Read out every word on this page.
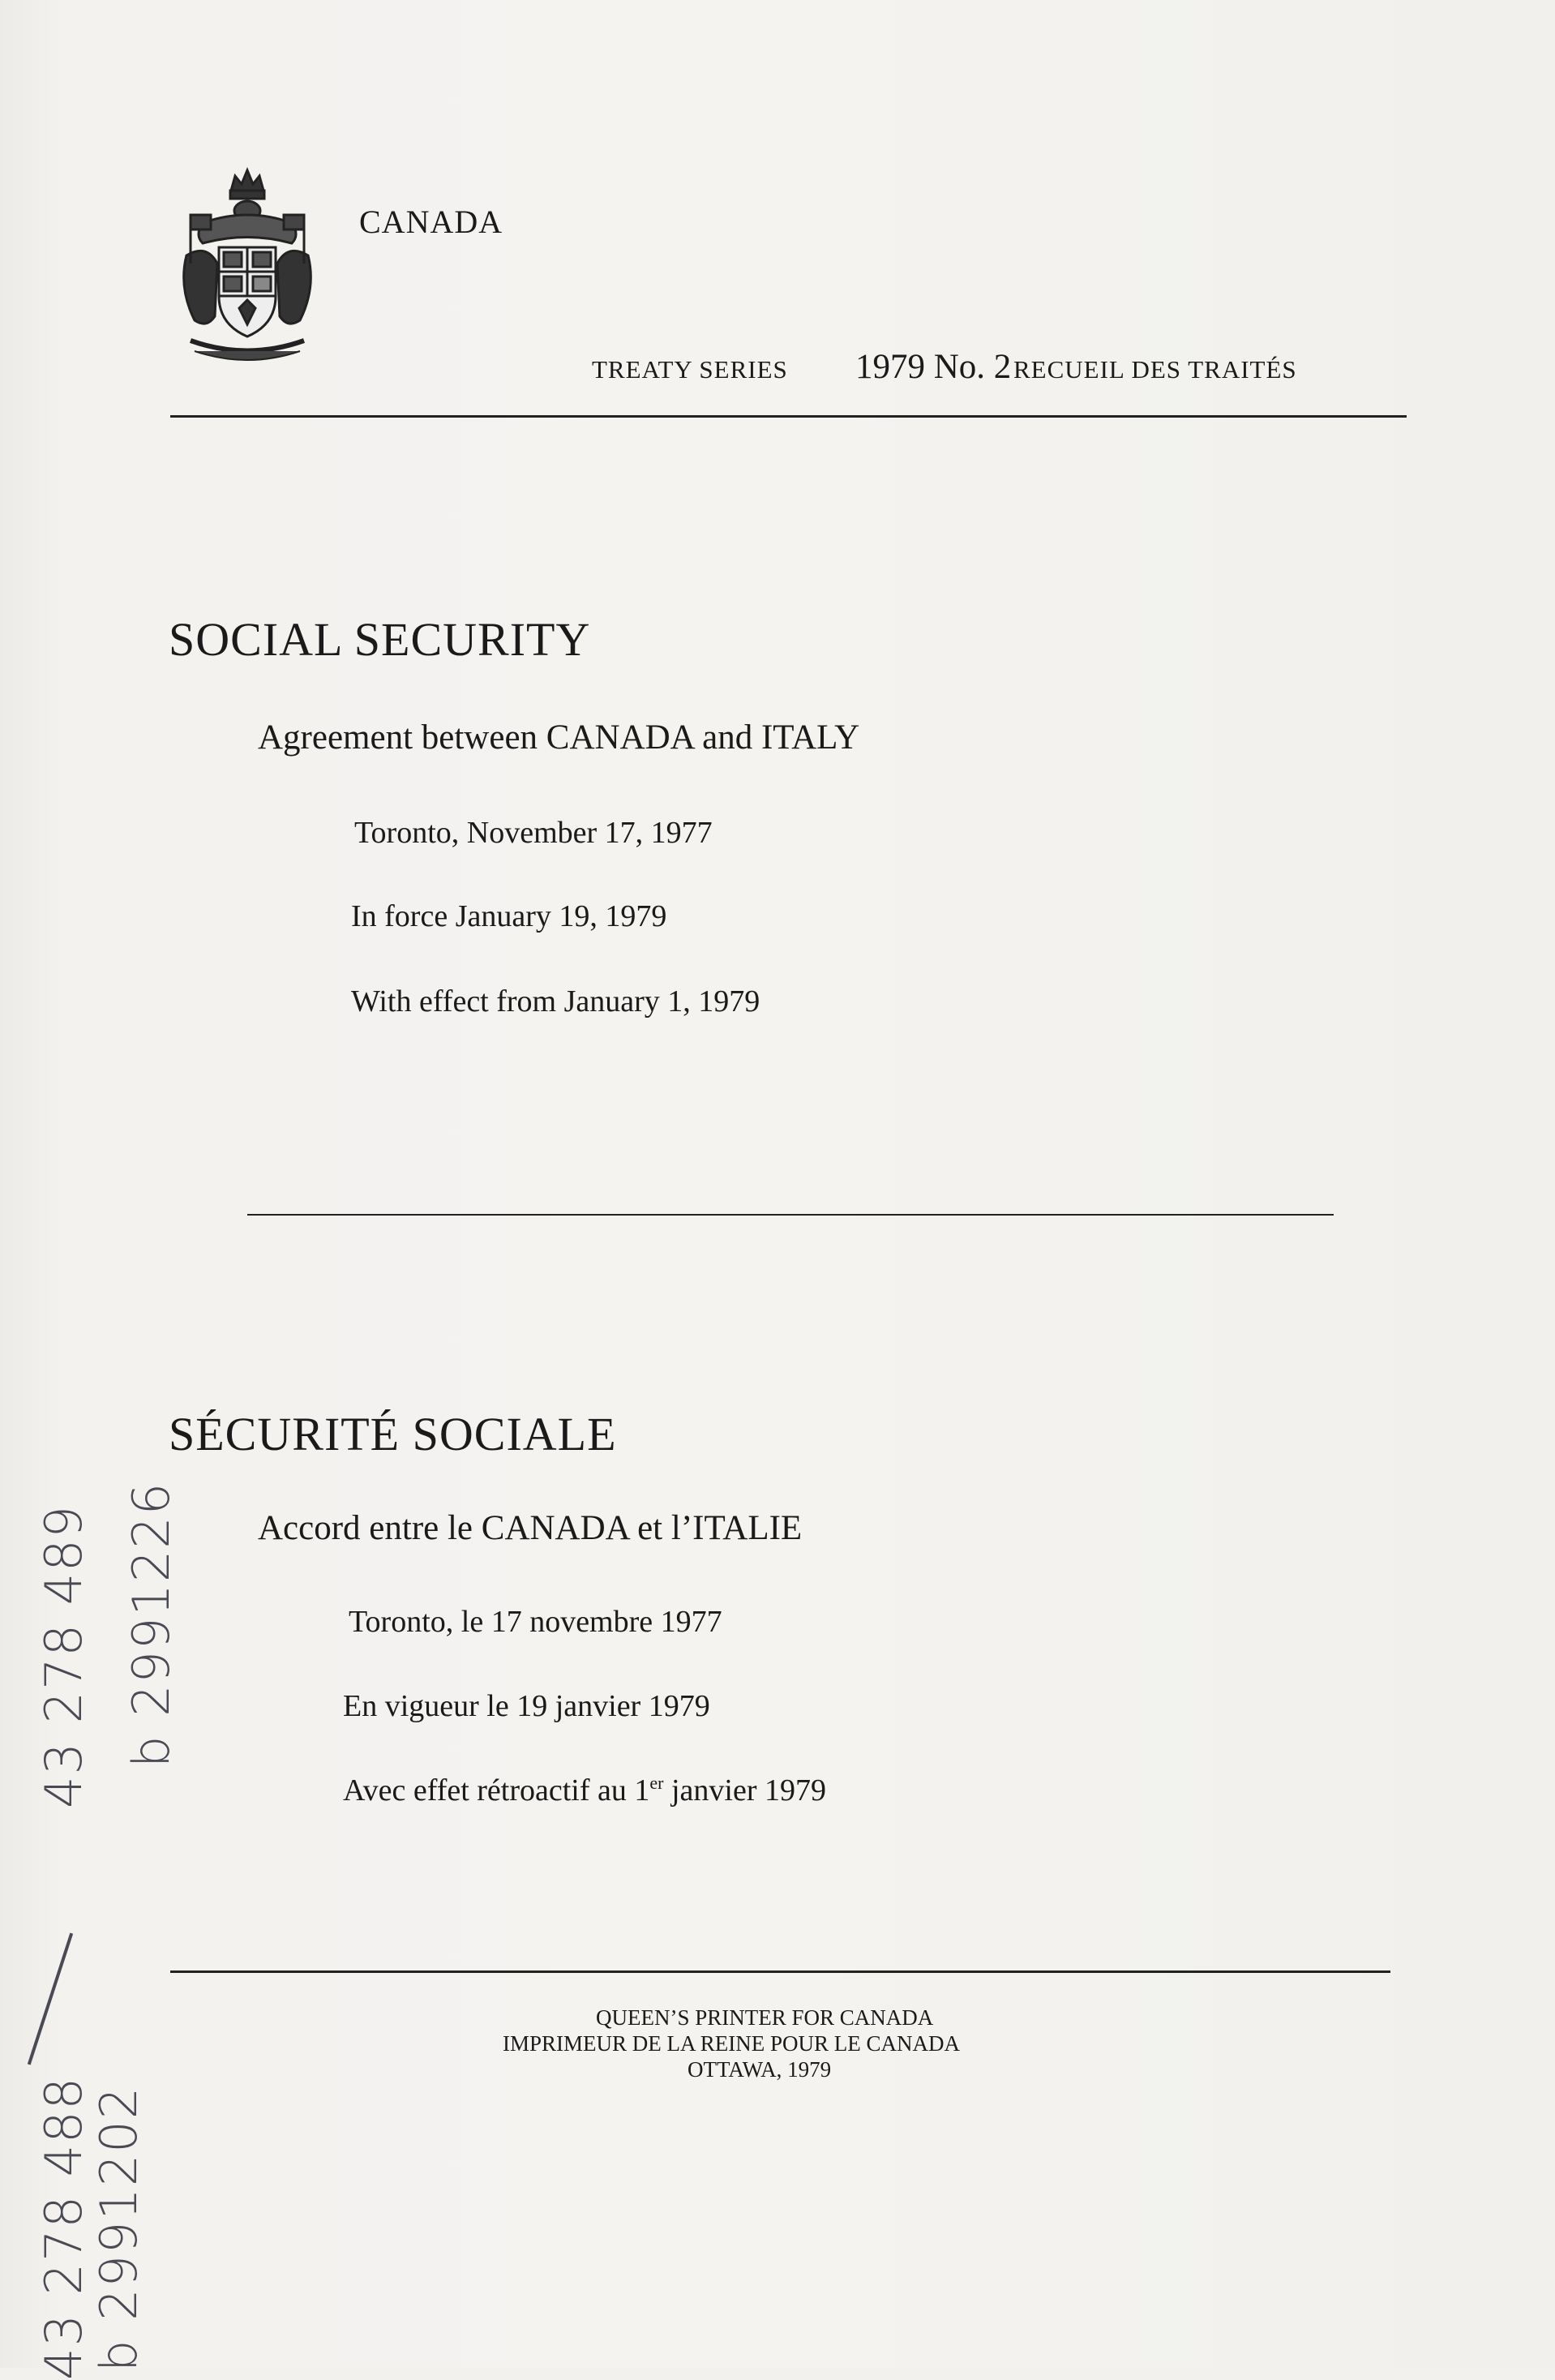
CANADA
TREATY SERIES 1979 No. 2 RECUEIL DES TRAITÉS
SOCIAL SECURITY
Agreement between CANADA and ITALY
Toronto, November 17, 1977
In force January 19, 1979
With effect from January 1, 1979
SÉCURITÉ SOCIALE
Accord entre le CANADA et l’ITALIE
Toronto, le 17 novembre 1977
En vigueur le 19 janvier 1979
Avec effet rétroactif au 1er janvier 1979
QUEEN’S PRINTER FOR CANADA
IMPRIMEUR DE LA REINE POUR LE CANADA
OTTAWA, 1979
43 278 488
b 2991202
43 278 489 b 2991226
